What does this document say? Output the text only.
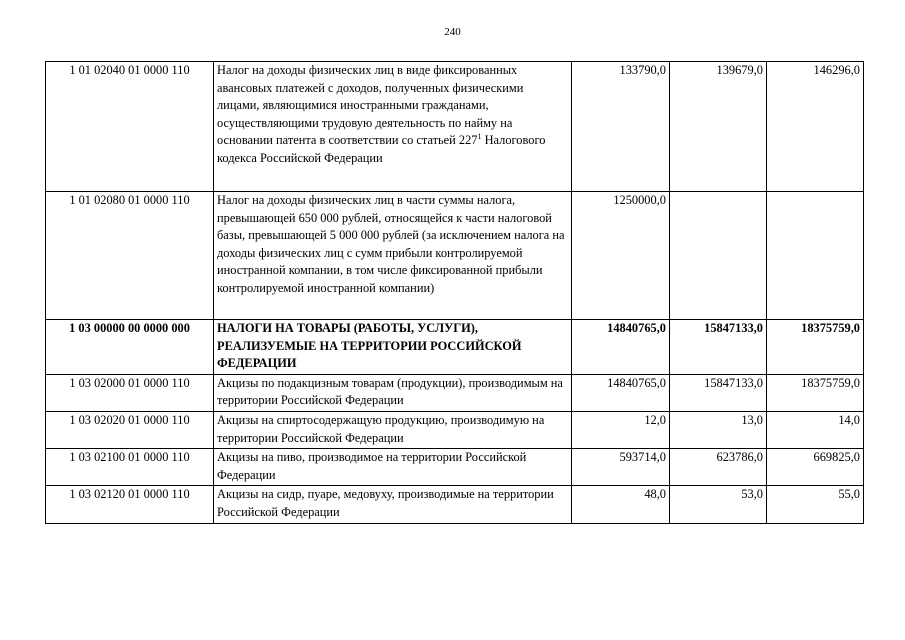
240
1 01 02040 01 0000 110	Налог на доходы физических лиц в виде фиксированных авансовых платежей с доходов, полученных физическими лицами, являющимися иностранными гражданами, осуществляющими трудовую деятельность по найму на основании патента в соответствии со статьей $227^1$ Налогового кодекса Российской Федерации	133790,0	139679,0	146296,0
1 01 02080 01 0000 110	Налог на доходы физических лиц в части суммы налога, превышающей 650 000 рублей, относящейся к части налоговой базы, превышающей 5 000 000 рублей (за исключением налога на доходы физических лиц с сумм прибыли контролируемой иностранной компании, в том числе фиксированной прибыли контролируемой иностранной компании)	1250000,0		
1 03 00000 00 0000 000	НАЛОГИ НА ТОВАРЫ (РАБОТЫ, УСЛУГИ), РЕАЛИЗУЕМЫЕ НА ТЕРРИТОРИИ РОССИЙСКОЙ ФЕДЕРАЦИИ	14840765,0	15847133,0	18375759,0
1 03 02000 01 0000 110	Акцизы по подакцизным товарам (продукции), производимым на территории Российской Федерации	14840765,0	15847133,0	18375759,0
1 03 02020 01 0000 110	Акцизы на спиртосодержащую продукцию, производимую на территории Российской Федерации	12,0	13,0	14,0
1 03 02100 01 0000 110	Акцизы на пиво, производимое на территории Российской Федерации	593714,0	623786,0	669825,0
1 03 02120 01 0000 110	Акцизы на сидр, пуаре, медовуху, производимые на территории Российской Федерации	48,0	53,0	55,0
